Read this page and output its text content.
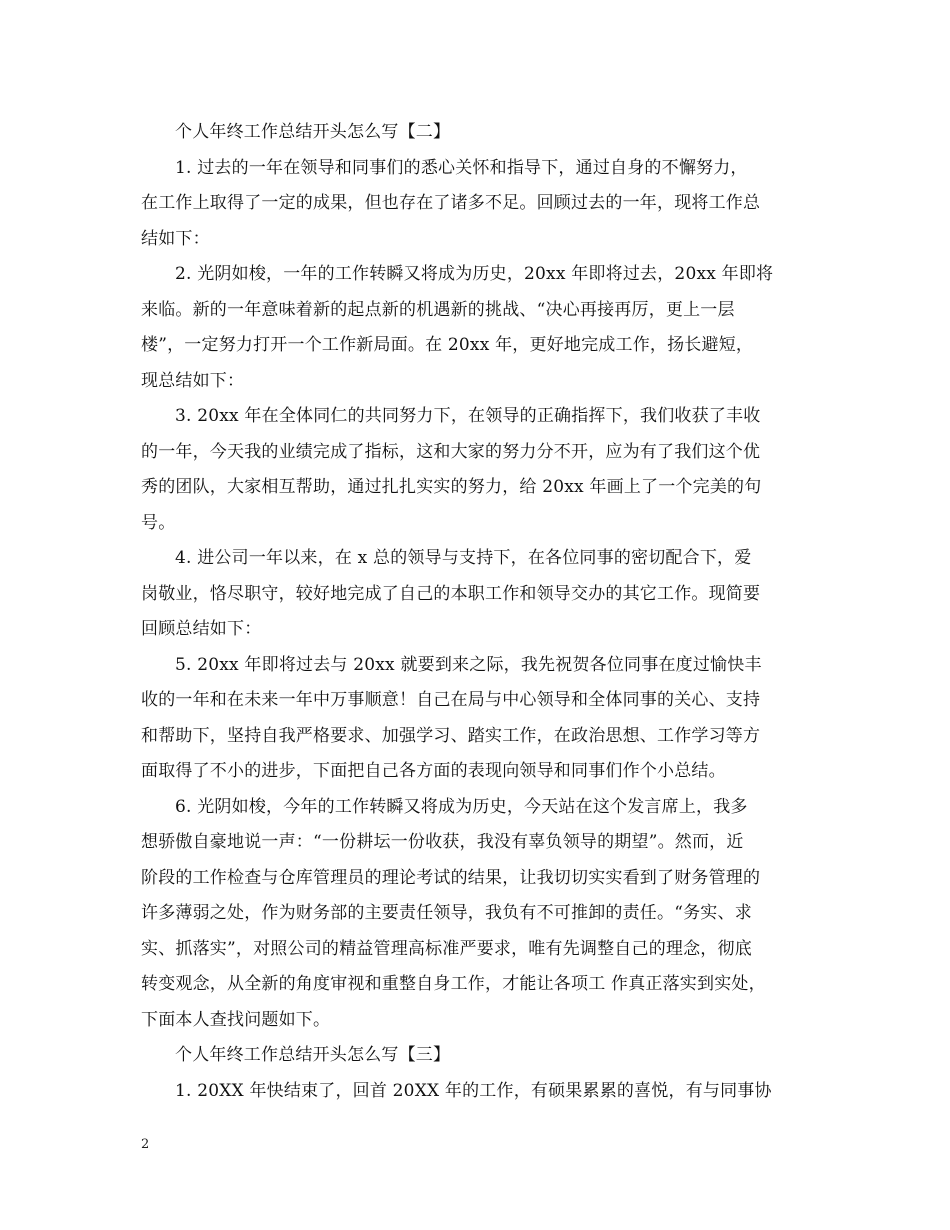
个人年终工作总结开头怎么写【二】
1. 过去的一年在领导和同事们的悉心关怀和指导下，通过自身的不懈努力，
在工作上取得了一定的成果，但也存在了诸多不足。回顾过去的一年，现将工作总
结如下：
2. 光阴如梭，一年的工作转瞬又将成为历史，20xx 年即将过去，20xx 年即将
来临。新的一年意味着新的起点新的机遇新的挑战、“决心再接再厉，更上一层
楼”，一定努力打开一个工作新局面。在 20xx 年，更好地完成工作，扬长避短，
现总结如下：
3. 20xx 年在全体同仁的共同努力下，在领导的正确指挥下，我们收获了丰收
的一年，今天我的业绩完成了指标，这和大家的努力分不开，应为有了我们这个优
秀的团队，大家相互帮助，通过扎扎实实的努力，给 20xx 年画上了一个完美的句
号。
4. 进公司一年以来，在 x 总的领导与支持下，在各位同事的密切配合下，爱
岗敬业，恪尽职守，较好地完成了自己的本职工作和领导交办的其它工作。现简要
回顾总结如下：
5. 20xx 年即将过去与 20xx 就要到来之际，我先祝贺各位同事在度过愉快丰
收的一年和在未来一年中万事顺意！自己在局与中心领导和全体同事的关心、支持
和帮助下，坚持自我严格要求、加强学习、踏实工作，在政治思想、工作学习等方
面取得了不小的进步，下面把自己各方面的表现向领导和同事们作个小总结。
6. 光阴如梭，今年的工作转瞬又将成为历史，今天站在这个发言席上，我多
想骄傲自豪地说一声：“一份耕坛一份收获，我没有辜负领导的期望”。然而，近
阶段的工作检查与仓库管理员的理论考试的结果，让我切切实实看到了财务管理的
许多薄弱之处，作为财务部的主要责任领导，我负有不可推卸的责任。“务实、求
实、抓落实”，对照公司的精益管理高标准严要求，唯有先调整自己的理念，彻底
转变观念，从全新的角度审视和重整自身工作，才能让各项工 作真正落实到实处，
下面本人查找问题如下。
个人年终工作总结开头怎么写【三】
1. 20XX 年快结束了，回首 20XX 年的工作，有硕果累累的喜悦，有与同事协
2
